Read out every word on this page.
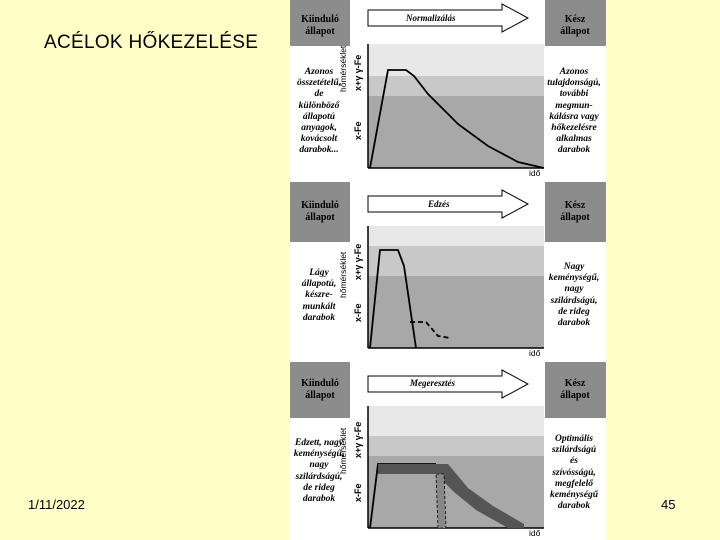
ACÉLOK HŐKEZELÉSE
Kiinduló állapot
Kész állapot
Normalizálás
Azonos
összetételű,
de
különböző
állapotú
anyagok,
kovácsolt
darabok...
Azonos
tulajdonságú,
további
megmun-
kálásra vagy
hőkezelésre
alkalmas
darabok
hőmérséklet x+γ γ-Fe
x-Fe
idő
Kiinduló állapot
Kész állapot
Edzés
Lágy
állapotú,
készre-
munkált
darabok
Nagy
keménységű,
nagy
szilárdságú,
de rideg
darabok
hőmérséklet x+γ γ-Fe
x-Fe
idő
Kiinduló állapot
Kész állapot
Megeresztés
Edzett, nagy
keménységű,
nagy
szilárdságú,
de rideg
darabok
Optimális
szilárdságú
és
szívósságú,
megfelelő
keménységű
darabok
hőmérséklet x+γ γ-Fe
x-Fe
idő
1/11/2022	45
